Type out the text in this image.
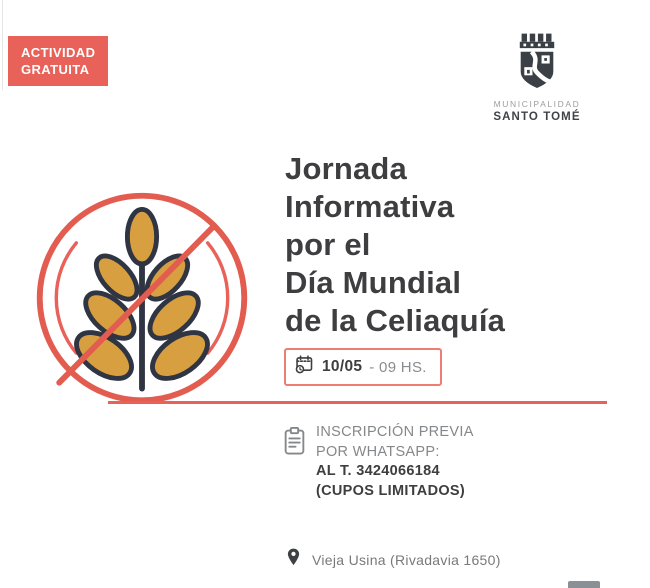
ACTIVIDAD
GRATUITA
MUNICIPALIDAD
SANTO TOMÉ
Jornada
Informativa
por el
Día Mundial
de la Celiaquía
10/05 - 09 HS.
INSCRIPCIÓN PREVIA
POR WHATSAPP:
AL T. 3424066184
(CUPOS LIMITADOS)
Vieja Usina (Rivadavia 1650)
